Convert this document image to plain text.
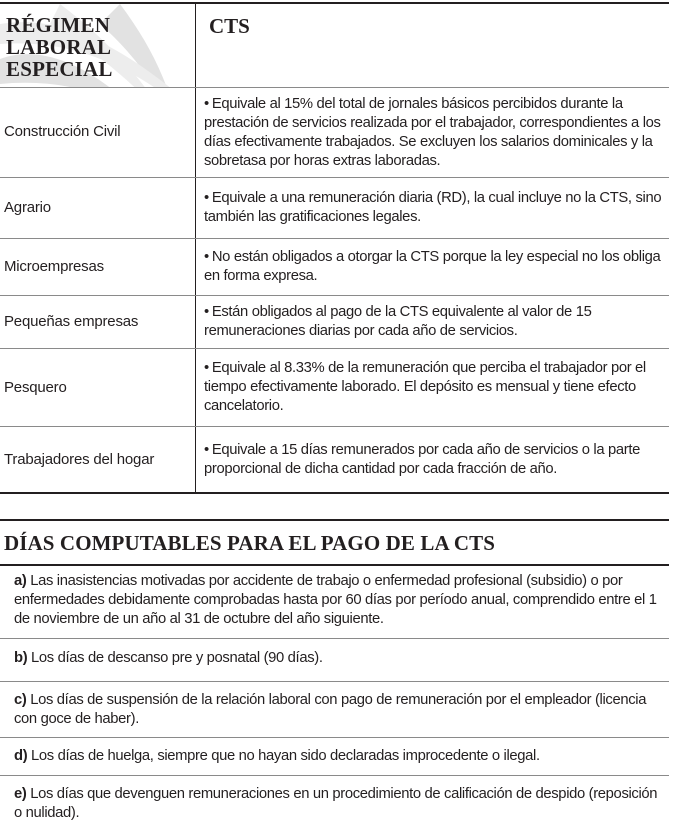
RÉGIMEN
LABORAL
ESPECIAL
CTS
Construcción Civil
• Equivale al 15% del total de jornales básicos percibidos durante la prestación de servicios realizada por el trabajador, correspondientes a los días efectivamente trabajados. Se excluyen los salarios dominicales y la sobretasa por horas extras laboradas.
Agrario
• Equivale a una remuneración diaria (RD), la cual incluye no la CTS, sino también las gratificaciones legales.
Microempresas
• No están obligados a otorgar la CTS porque la ley especial no los obliga en forma expresa.
Pequeñas empresas
• Están obligados al pago de la CTS equivalente al valor de 15 remuneraciones diarias por cada año de servicios.
Pesquero
• Equivale al 8.33% de la remuneración que perciba el trabajador por el tiempo efectivamente laborado. El depósito es mensual y tiene efecto cancelatorio.
Trabajadores del hogar
• Equivale a 15 días remunerados por cada año de servicios o la parte proporcional de dicha cantidad por cada fracción de año.
DÍAS COMPUTABLES PARA EL PAGO DE LA CTS
a) Las inasistencias motivadas por accidente de trabajo o enfermedad profesional (subsidio) o por enfermedades debidamente comprobadas hasta por 60 días por período anual, comprendido entre el 1 de noviembre de un año al 31 de octubre del año siguiente.
b) Los días de descanso pre y posnatal (90 días).
c) Los días de suspensión de la relación laboral con pago de remuneración por el empleador (licencia con goce de haber).
d) Los días de huelga, siempre que no hayan sido declaradas improcedente o ilegal.
e) Los días que devenguen remuneraciones en un procedimiento de calificación de despido (reposición o nulidad).
